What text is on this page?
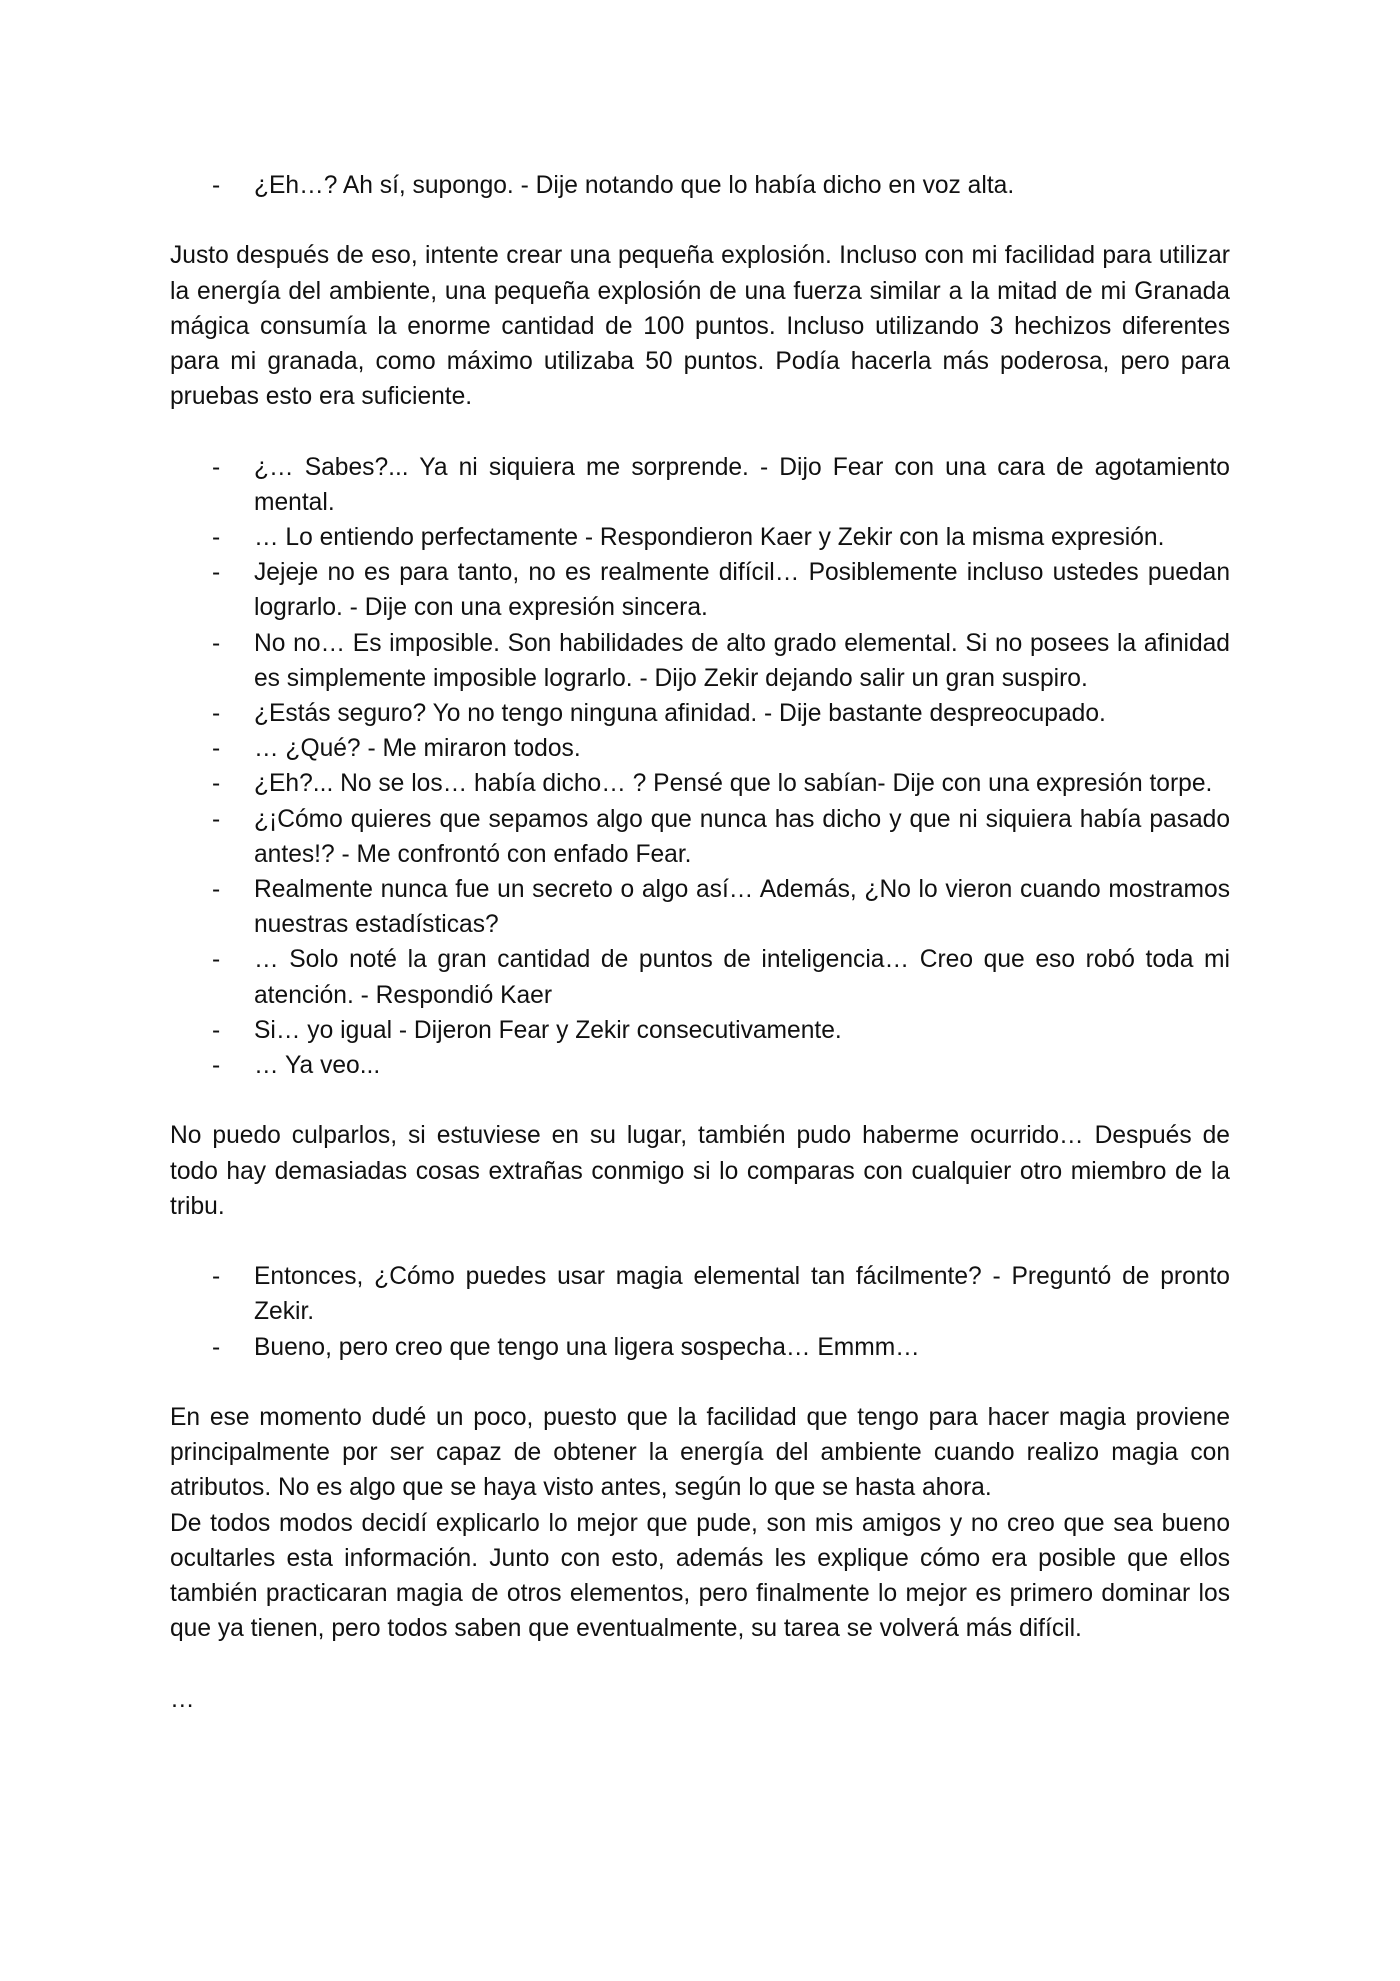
- ¿Eh…? Ah sí, supongo. - Dije notando que lo había dicho en voz alta.

Justo después de eso, intente crear una pequeña explosión. Incluso con mi facilidad para utilizar la energía del ambiente, una pequeña explosión de una fuerza similar a la mitad de mi Granada mágica consumía la enorme cantidad de 100 puntos. Incluso utilizando 3 hechizos diferentes para mi granada, como máximo utilizaba 50 puntos. Podía hacerla más poderosa, pero para pruebas esto era suficiente.

- ¿… Sabes?... Ya ni siquiera me sorprende. - Dijo Fear con una cara de agotamiento mental.
- … Lo entiendo perfectamente - Respondieron Kaer y Zekir con la misma expresión.
- Jejeje no es para tanto, no es realmente difícil… Posiblemente incluso ustedes puedan lograrlo. - Dije con una expresión sincera.
- No no… Es imposible. Son habilidades de alto grado elemental. Si no posees la afinidad es simplemente imposible lograrlo. - Dijo Zekir dejando salir un gran suspiro.
- ¿Estás seguro? Yo no tengo ninguna afinidad. - Dije bastante despreocupado.
- … ¿Qué? - Me miraron todos.
- ¿Eh?... No se los… había dicho… ? Pensé que lo sabían- Dije con una expresión torpe.
- ¿¡Cómo quieres que sepamos algo que nunca has dicho y que ni siquiera había pasado antes!? - Me confrontó con enfado Fear.
- Realmente nunca fue un secreto o algo así… Además, ¿No lo vieron cuando mostramos nuestras estadísticas?
- … Solo noté la gran cantidad de puntos de inteligencia… Creo que eso robó toda mi atención. - Respondió Kaer
- Si… yo igual - Dijeron Fear y Zekir consecutivamente.
- … Ya veo...

No puedo culparlos, si estuviese en su lugar, también pudo haberme ocurrido… Después de todo hay demasiadas cosas extrañas conmigo si lo comparas con cualquier otro miembro de la tribu.

- Entonces, ¿Cómo puedes usar magia elemental tan fácilmente? - Preguntó de pronto Zekir.
- Bueno, pero creo que tengo una ligera sospecha… Emmm…

En ese momento dudé un poco, puesto que la facilidad que tengo para hacer magia proviene principalmente por ser capaz de obtener la energía del ambiente cuando realizo magia con atributos. No es algo que se haya visto antes, según lo que se hasta ahora.

De todos modos decidí explicarlo lo mejor que pude, son mis amigos y no creo que sea bueno ocultarles esta información. Junto con esto, además les explique cómo era posible que ellos también practicaran magia de otros elementos, pero finalmente lo mejor es primero dominar los que ya tienen, pero todos saben que eventualmente, su tarea se volverá más difícil.

…
